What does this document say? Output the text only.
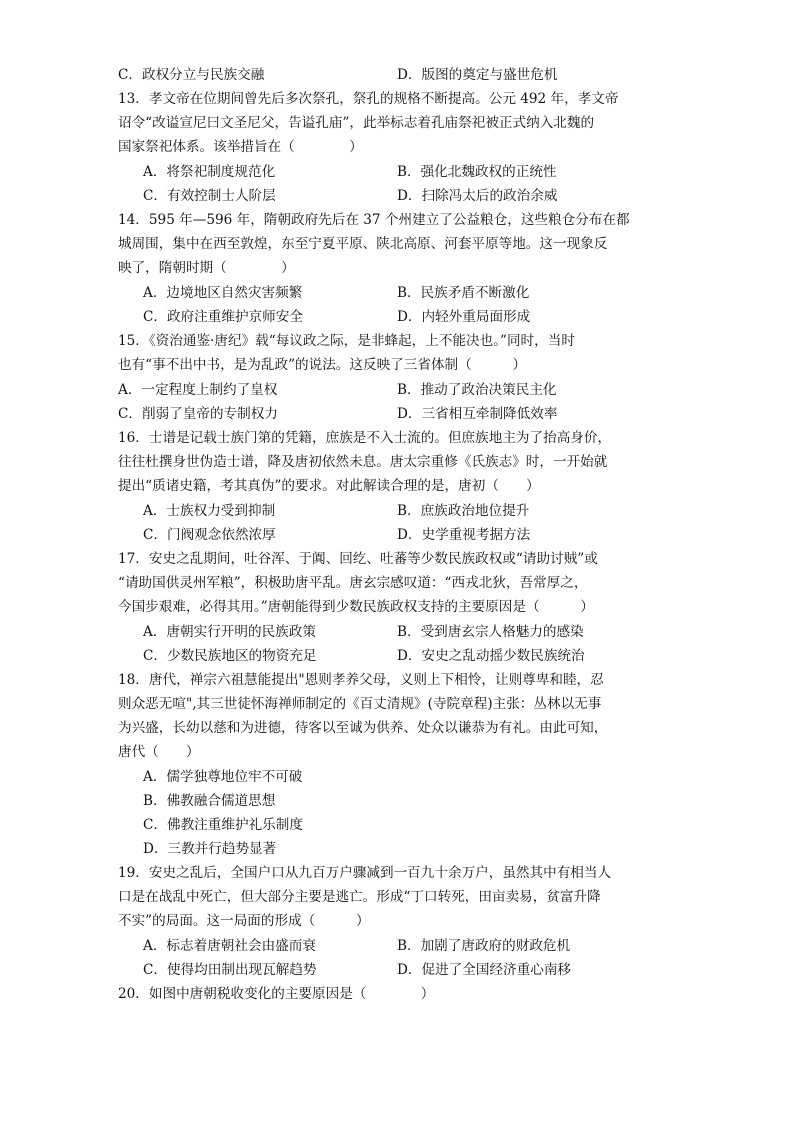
C．政权分立与民族交融	D．版图的奠定与盛世危机
13．孝文帝在位期间曾先后多次祭孔，祭孔的规格不断提高。公元 492 年，孝文帝
诏令“改谥宣尼曰文圣尼父，告谥孔庙”，此举标志着孔庙祭祀被正式纳入北魏的
国家祭祀体系。该举措旨在（　　　　）
A．将祭祀制度规范化	B．强化北魏政权的正统性
C．有效控制士人阶层	D．扫除冯太后的政治余威
14．595 年—596 年，隋朝政府先后在 37 个州建立了公益粮仓，这些粮仓分布在都
城周围，集中在西至敦煌，东至宁夏平原、陕北高原、河套平原等地。这一现象反
映了，隋朝时期（　　　　）
A．边境地区自然灾害频繁	B．民族矛盾不断激化
C．政府注重维护京师安全	D．内轻外重局面形成
15．《资治通鉴·唐纪》载“每议政之际，是非蜂起，上不能决也。”同时，当时
也有“事不出中书，是为乱政”的说法。这反映了三省体制（　　　）
A．一定程度上制约了皇权	B．推动了政治决策民主化
C．削弱了皇帝的专制权力	D．三省相互牵制降低效率
16．士谱是记载士族门第的凭籍，庶族是不入士流的。但庶族地主为了抬高身价，
往往杜撰身世伪造士谱，降及唐初依然未息。唐太宗重修《氏族志》时，一开始就
提出“质诸史籍，考其真伪”的要求。对此解读合理的是，唐初（　　）
A．士族权力受到抑制	B．庶族政治地位提升
C．门阀观念依然浓厚	D．史学重视考据方法
17．安史之乱期间，吐谷浑、于阗、回纥、吐蕃等少数民族政权或“请助讨贼”或
“请助国供灵州军粮”，积极助唐平乱。唐玄宗感叹道：“西戎北狄，吾常厚之，
今国步艰难，必得其用。”唐朝能得到少数民族政权支持的主要原因是（　　　）
A．唐朝实行开明的民族政策	B．受到唐玄宗人格魅力的感染
C．少数民族地区的物资充足	D．安史之乱动摇少数民族统治
18．唐代，禅宗六祖慧能提出"恩则孝养父母，义则上下相怜，让则尊卑和睦，忍
则众恶无喧",其三世徒怀海禅师制定的《百丈清规》(寺院章程)主张：丛林以无事
为兴盛，长幼以慈和为进德，待客以至诚为供养、处众以谦恭为有礼。由此可知，
唐代（　　）
A．儒学独尊地位牢不可破
B．佛教融合儒道思想
C．佛教注重维护礼乐制度
D．三教并行趋势显著
19．安史之乱后，全国户口从九百万户骤减到一百九十余万户，虽然其中有相当人
口是在战乱中死亡，但大部分主要是逃亡。形成“丁口转死，田亩卖易，贫富升降
不实”的局面。这一局面的形成（　　　）
A．标志着唐朝社会由盛而衰	B．加剧了唐政府的财政危机
C．使得均田制出现瓦解趋势	D．促进了全国经济重心南移
20．如图中唐朝税收变化的主要原因是（　　　　）
